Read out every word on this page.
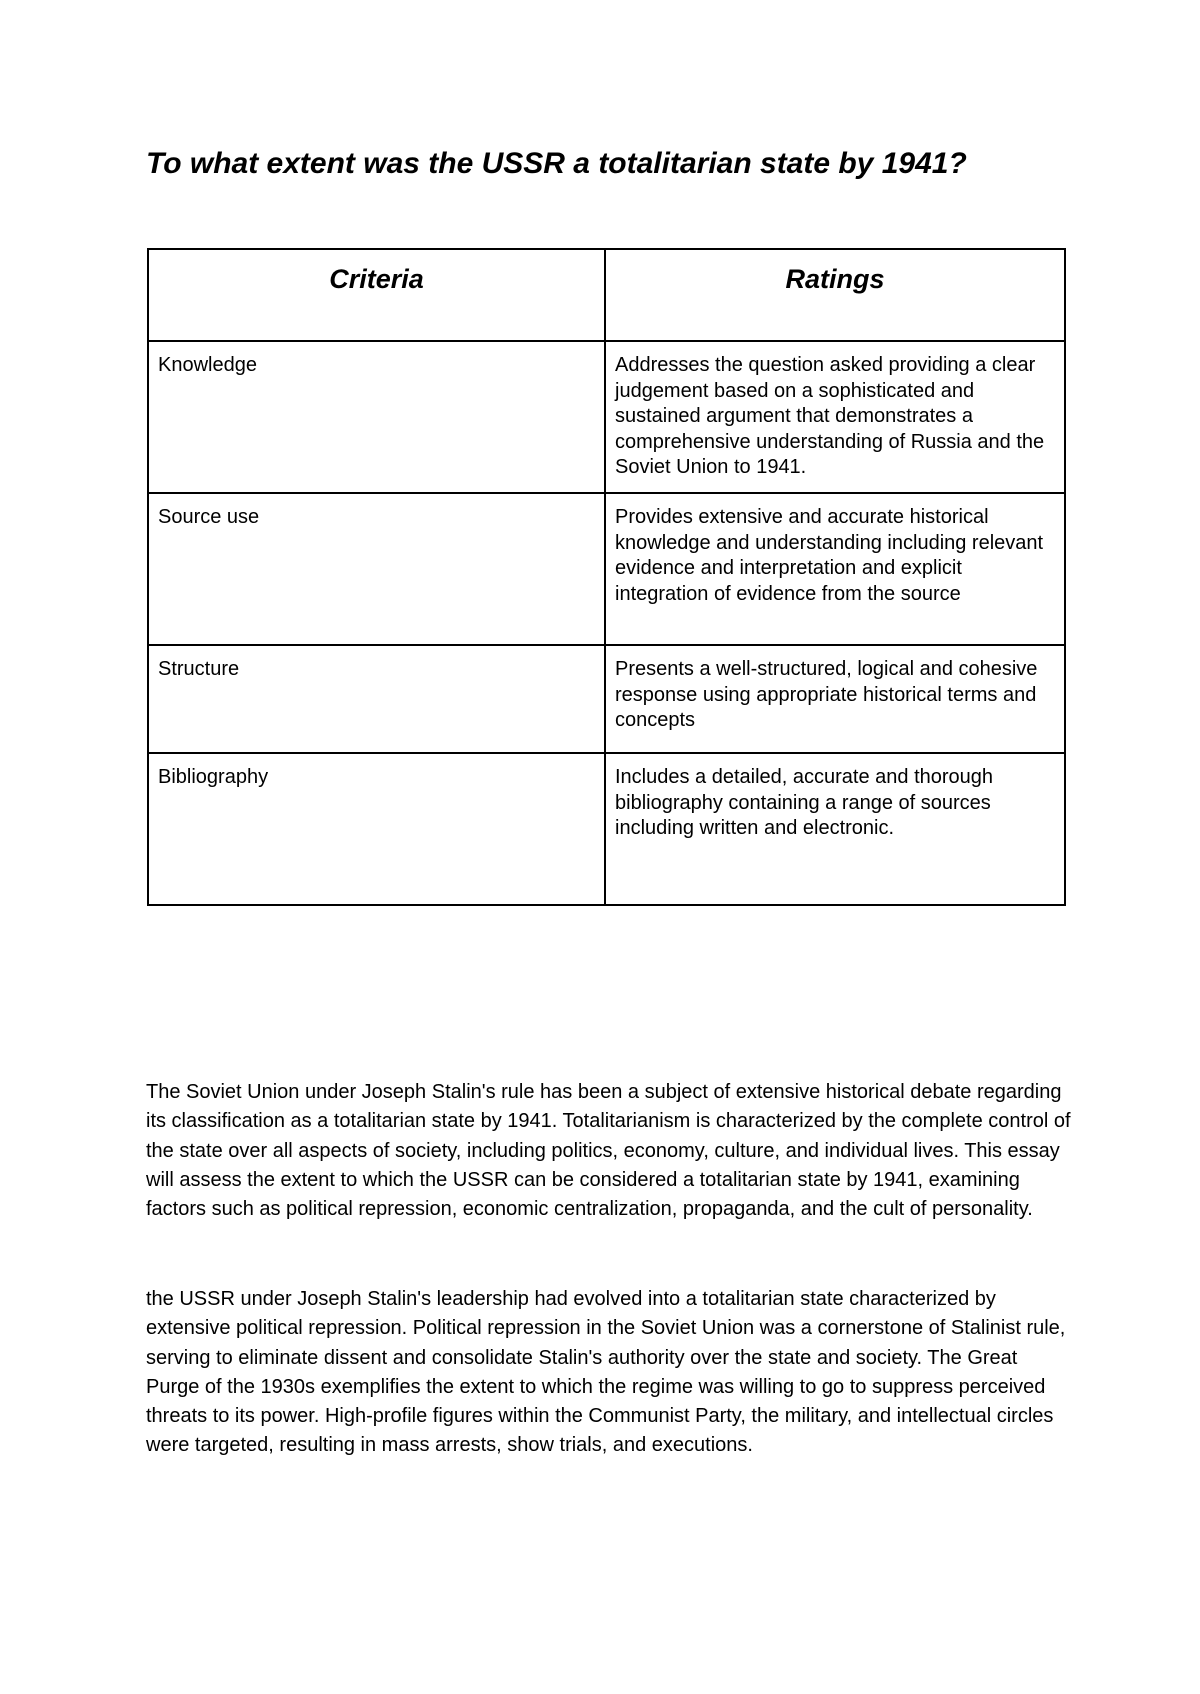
To what extent was the USSR a totalitarian state by 1941?
Criteria	Ratings

Knowledge	Addresses the question asked providing a clear judgement based on a sophisticated and sustained argument that demonstrates a comprehensive understanding of Russia and the Soviet Union to 1941.

Source use	Provides extensive and accurate historical knowledge and understanding including relevant evidence and interpretation and explicit integration of evidence from the source

Structure	Presents a well-structured, logical and cohesive response using appropriate historical terms and concepts

Bibliography	Includes a detailed, accurate and thorough bibliography containing a range of sources including written and electronic.

The Soviet Union under Joseph Stalin's rule has been a subject of extensive historical debate regarding its classification as a totalitarian state by 1941. Totalitarianism is characterized by the complete control of the state over all aspects of society, including politics, economy, culture, and individual lives. This essay will assess the extent to which the USSR can be considered a totalitarian state by 1941, examining factors such as political repression, economic centralization, propaganda, and the cult of personality.

the USSR under Joseph Stalin's leadership had evolved into a totalitarian state characterized by extensive political repression. Political repression in the Soviet Union was a cornerstone of Stalinist rule, serving to eliminate dissent and consolidate Stalin's authority over the state and society. The Great Purge of the 1930s exemplifies the extent to which the regime was willing to go to suppress perceived threats to its power. High-profile figures within the Communist Party, the military, and intellectual circles were targeted, resulting in mass arrests, show trials, and executions.
